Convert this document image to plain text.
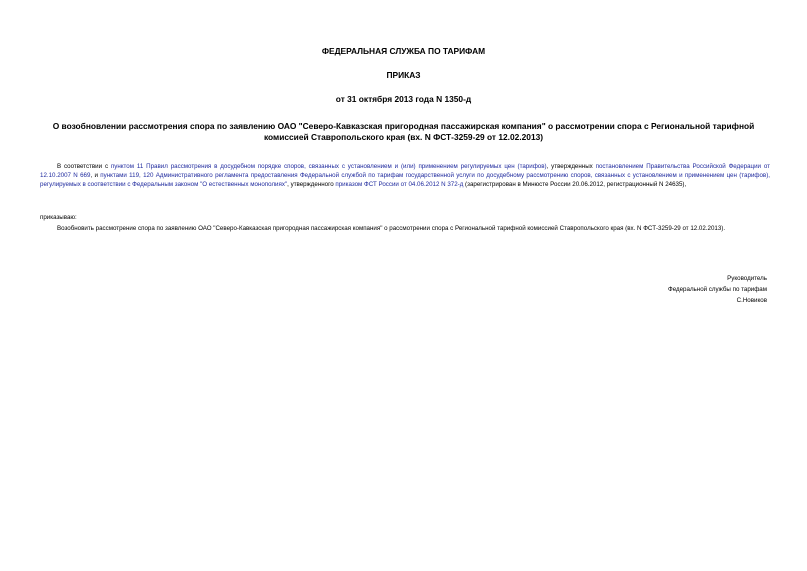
ФЕДЕРАЛЬНАЯ СЛУЖБА ПО ТАРИФАМ
ПРИКАЗ
от 31 октября 2013 года N 1350-д
О возобновлении рассмотрения спора по заявлению ОАО "Северо-Кавказская пригородная пассажирская компания" о рассмотрении спора с Региональной тарифной комиссией Ставропольского края (вх. N ФСТ-3259-29 от 12.02.2013)
В соответствии с пунктом 11 Правил рассмотрения в досудебном порядке споров, связанных с установлением и (или) применением регулируемых цен (тарифов), утвержденных постановлением Правительства Российской Федерации от 12.10.2007 N 669, и пунктами 119, 120 Административного регламента предоставления Федеральной службой по тарифам государственной услуги по досудебному рассмотрению споров, связанных с установлением и применением цен (тарифов), регулируемых в соответствии с Федеральным законом "О естественных монополиях", утвержденного приказом ФСТ России от 04.06.2012 N 372-д (зарегистрирован в Минюсте России 20.06.2012, регистрационный N 24635),
приказываю:
Возобновить рассмотрение спора по заявлению ОАО "Северо-Кавказская пригородная пассажирская компания" о рассмотрении спора с Региональной тарифной комиссией Ставропольского края (вх. N ФСТ-3259-29 от 12.02.2013).
Руководитель
Федеральной службы по тарифам
С.Новиков
